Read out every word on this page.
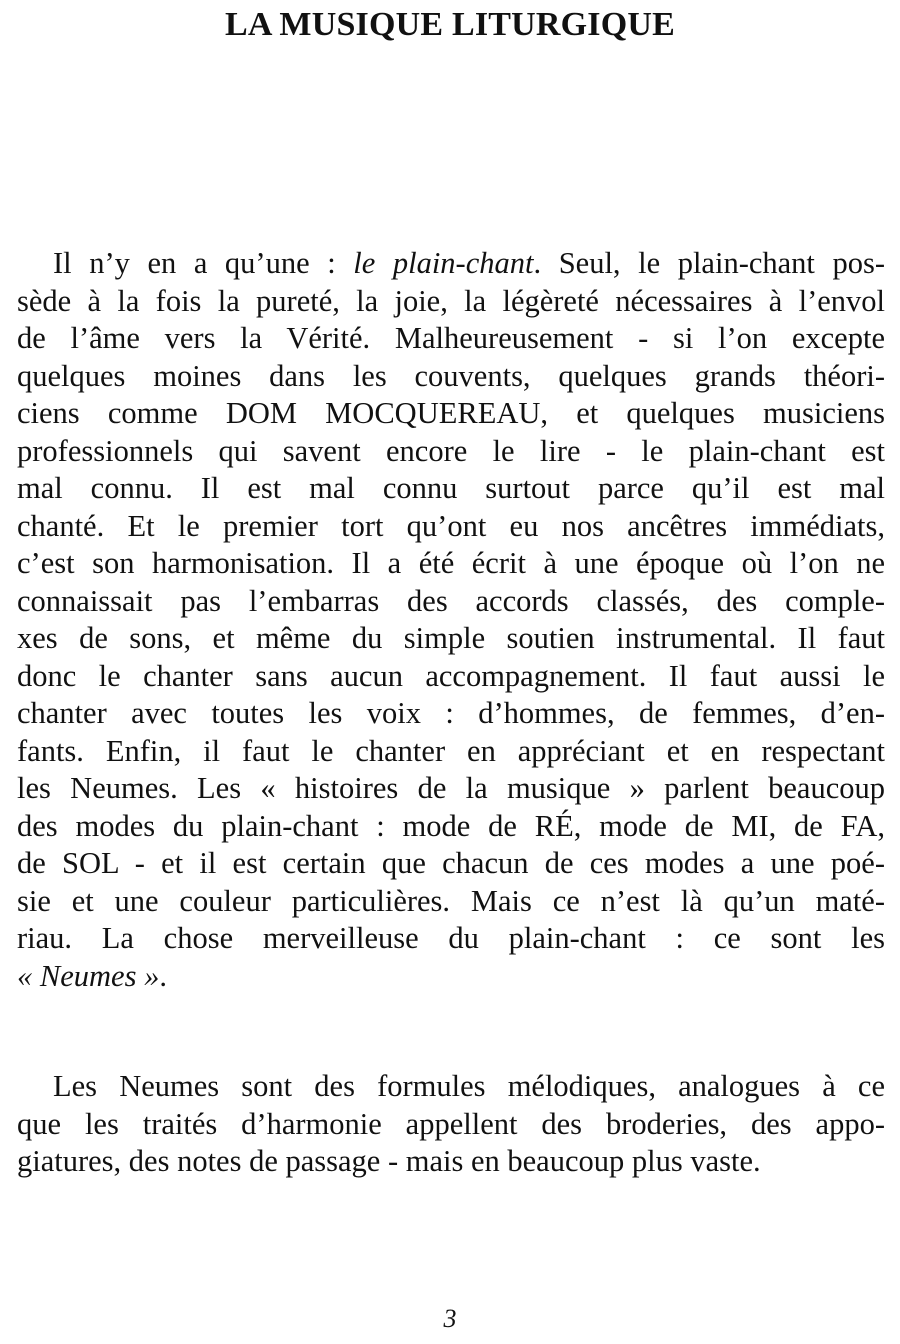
LA MUSIQUE LITURGIQUE
Il n’y en a qu’une : le plain-chant. Seul, le plain-chant pos-
sède à la fois la pureté, la joie, la légèreté nécessaires à l’envol
de l’âme vers la Vérité. Malheureusement - si l’on excepte
quelques moines dans les couvents, quelques grands théori-
ciens comme DOM MOCQUEREAU, et quelques musiciens
professionnels qui savent encore le lire - le plain-chant est
mal connu. Il est mal connu surtout parce qu’il est mal
chanté. Et le premier tort qu’ont eu nos ancêtres immédiats,
c’est son harmonisation. Il a été écrit à une époque où l’on ne
connaissait pas l’embarras des accords classés, des comple-
xes de sons, et même du simple soutien instrumental. Il faut
donc le chanter sans aucun accompagnement. Il faut aussi le
chanter avec toutes les voix : d’hommes, de femmes, d’en-
fants. Enfin, il faut le chanter en appréciant et en respectant
les Neumes. Les « histoires de la musique » parlent beaucoup
des modes du plain-chant : mode de RÉ, mode de MI, de FA,
de SOL - et il est certain que chacun de ces modes a une poé-
sie et une couleur particulières. Mais ce n’est là qu’un maté-
riau. La chose merveilleuse du plain-chant : ce sont les
« Neumes ».
Les Neumes sont des formules mélodiques, analogues à ce
que les traités d’harmonie appellent des broderies, des appo-
giatures, des notes de passage - mais en beaucoup plus vaste.
3
